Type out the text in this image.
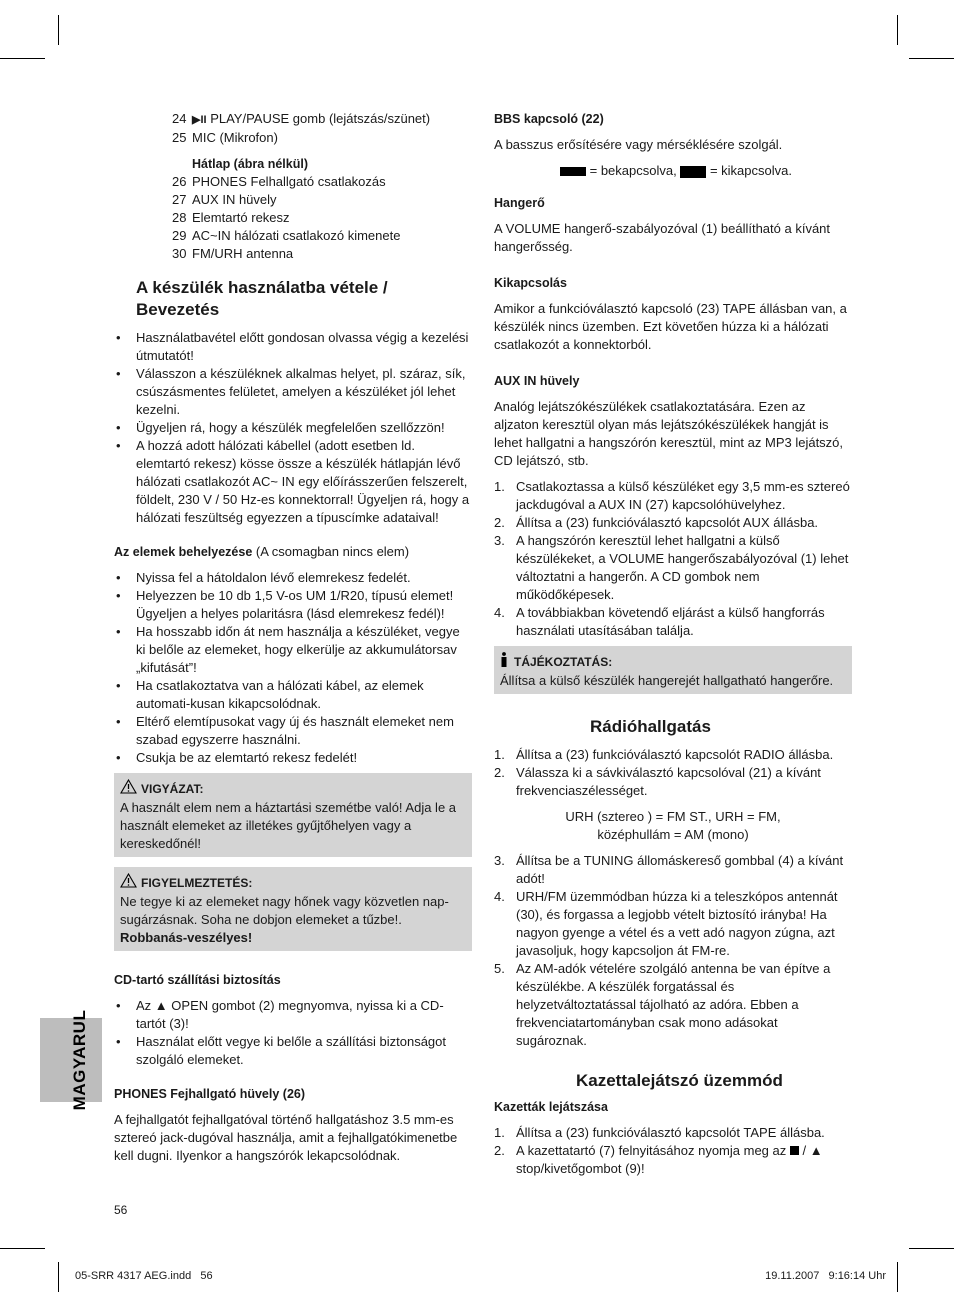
MAGYARUL
24 ▶II PLAY/PAUSE gomb (lejátszás/szünet)
25 MIC (Mikrofon)
Hátlap (ábra nélkül)
26 PHONES Felhallgató csatlakozás
27 AUX IN hüvely
28 Elemtartó rekesz
29 AC~IN hálózati csatlakozó kimenete
30 FM/URH antenna
A készülék használatba vétele / Bevezetés

• Használatbavétel előtt gondosan olvassa végig a kezelési útmutatót!

• Válasszon a készüléknek alkalmas helyet, pl. száraz, sík, csúszásmentes felületet, amelyen a készüléket jól lehet kezelni.

• Ügyeljen rá, hogy a készülék megfelelően szellőzzön!

• A hozzá adott hálózati kábellel (adott esetben ld. elemtartó rekesz) kösse össze a készülék hátlapján lévő hálózati csatlakozót AC~ IN egy előírásszerűen felszerelt, földelt, 230 V / 50 Hz-es konnektorral! Ügyeljen rá, hogy a hálózati feszültség egyezzen a típuscímke adataival!

Az elemek behelyezése (A csomagban nincs elem)

• Nyissa fel a hátoldalon lévő elemrekesz fedelét.

• Helyezzen be 10 db 1,5 V-os UM 1/R20, típusú elemet! Ügyeljen a helyes polaritásra (lásd elemrekesz fedél)!

• Ha hosszabb időn át nem használja a készüléket, vegye ki belőle az elemeket, hogy elkerülje az akkumulátorsav „kifutását”!

• Ha csatlakoztatva van a hálózati kábel, az elemek automati-kusan kikapcsolódnak.

• Eltérő elemtípusokat vagy új és használt elemeket nem szabad egyszerre használni.

• Csukja be az elemtartó rekesz fedelét!

VIGYÁZAT:
A használt elem nem a háztartási szemétbe való! Adja le a használt elemeket az illetékes gyűjtőhelyen vagy a kereskedőnél!
FIGYELMEZTETÉS:
Ne tegye ki az elemeket nagy hőnek vagy közvetlen nap-sugárzásnak. Soha ne dobjon elemeket a tűzbe!. Robbanás-veszélyes!
CD-tartó szállítási biztosítás

• Az ▲ OPEN gombot (2) megnyomva, nyissa ki a CD-tartót (3)!

• Használat előtt vegye ki belőle a szállítási biztonságot szolgáló elemeket.

PHONES Fejhallgató hüvely (26)
A fejhallgatót fejhallgatóval történő hallgatáshoz 3.5 mm-es sztereó jack-dugóval használja, amit a fejhallgatókimenetbe kell dugni. Ilyenkor a hangszórók lekapcsolódnak.
BBS kapcsoló (22)
A basszus erősítésére vagy mérséklésére szolgál.
= bekapcsolva,	= kikapcsolva.
Hangerő
A VOLUME hangerő-szabályozóval (1) beállítható a kívánt hangerősség.
Kikapcsolás
Amikor a funkcióválasztó kapcsoló (23) TAPE állásban van, a készülék nincs üzemben. Ezt követően húzza ki a hálózati csatlakozót a konnektorból.
AUX IN hüvely
Analóg lejátszókészülékek csatlakoztatására. Ezen az aljzaton keresztül olyan más lejátszókészülékek hangját is lehet hallgatni a hangszórón keresztül, mint az MP3 lejátszó, CD lejátszó, stb.

1. Csatlakoztassa a külső készüléket egy 3,5 mm-es sztereó jackdugóval a AUX IN (27) kapcsolóhüvelyhez.

2. Állítsa a (23) funkcióválasztó kapcsolót AUX állásba.

3. A hangszórón keresztül lehet hallgatni a külső készülékeket, a VOLUME hangerőszabályozóval (1) lehet változtatni a hangerőn. A CD gombok nem működőképesek.

4. A továbbiakban követendő eljárást a külső hangforrás használati utasításában találja.

TÁJÉKOZTATÁS:
Állítsa a külső készülék hangerejét hallgatható hangerőre.
Rádióhallgatás

1. Állítsa a (23) funkcióválasztó kapcsolót RADIO állásba.

2. Válassza ki a sávkiválasztó kapcsolóval (21) a kívánt frekvenciaszélességet.

URH (sztereo ) = FM ST., URH = FM,
középhullám = AM (mono)

3. Állítsa be a TUNING állomáskereső gombbal (4) a kívánt adót!

4. URH/FM üzemmódban húzza ki a teleszkópos antennát (30), és forgassa a legjobb vételt biztosító irányba! Ha nagyon gyenge a vétel és a vett adó nagyon zúgna, azt javasoljuk, hogy kapcsoljon át FM-re.

5. Az AM-adók vételére szolgáló antenna be van építve a készülékbe. A készülék forgatással és helyzetváltoztatással tájolható az adóra. Ebben a frekvenciatartományban csak mono adásokat sugároznak.

Kazettalejátszó üzemmód
Kazetták lejátszása

1. Állítsa a (23) funkcióválasztó kapcsolót TAPE állásba.

2. A kazettatartó (7) felnyitásához nyomja meg az  / ▲
stop/kivetőgombot (9)!

56
05-SRR 4317 AEG.indd   56	19.11.2007   9:16:14 Uhr
